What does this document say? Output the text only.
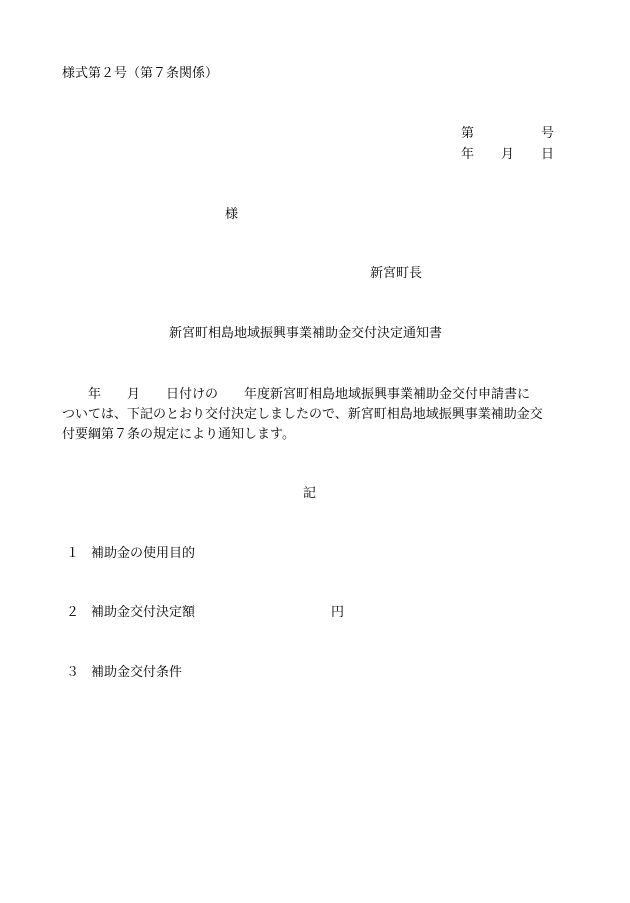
様式第２号（第７条関係）
第	号
年 月 日
様
新宮町長
新宮町相島地域振興事業補助金交付決定通知書
年 月 日付けの 年度新宮町相島地域振興事業補助金交付申請書に
ついては、下記のとおり交付決定しましたので、新宮町相島地域振興事業補助金交
付要綱第７条の規定により通知します。
記
１ 補助金の使用目的
２ 補助金交付決定額	円
３ 補助金交付条件
